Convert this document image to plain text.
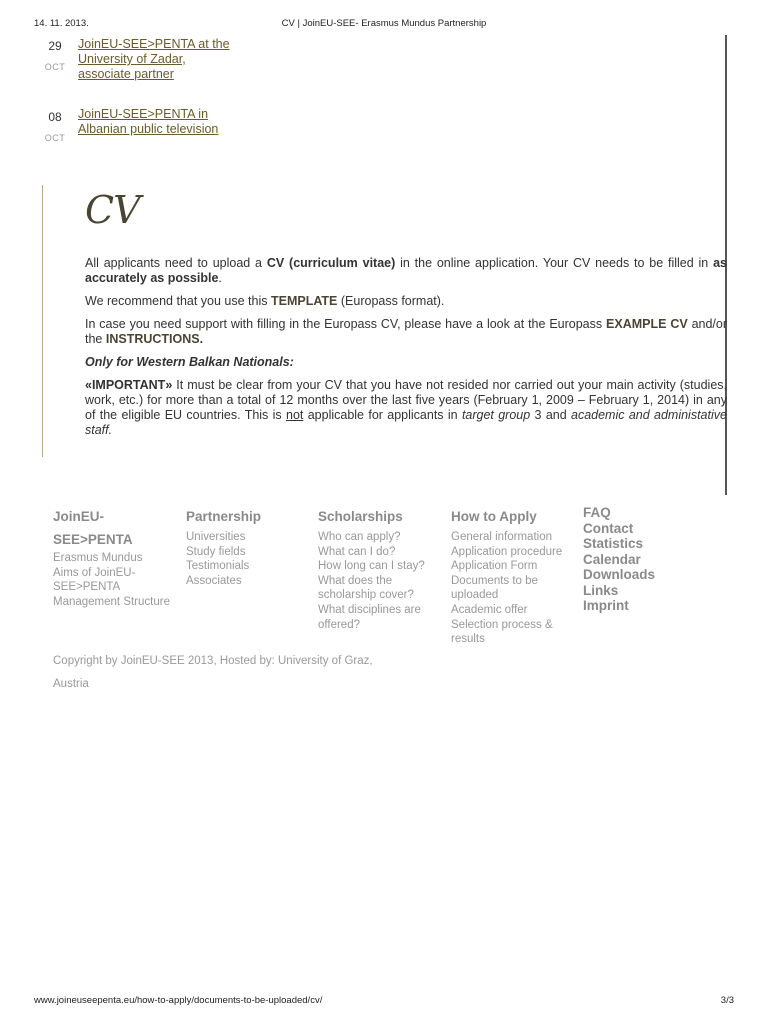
14. 11. 2013.	CV | JoinEU-SEE- Erasmus Mundus Partnership
29
OCT
JoinEU-SEE>PENTA at the University of Zadar, associate partner
08
OCT
JoinEU-SEE>PENTA in Albanian public television
CV

All applicants need to upload a CV (curriculum vitae) in the online application. Your CV needs to be filled in as accurately as possible.

We recommend that you use this TEMPLATE (Europass format).

In case you need support with filling in the Europass CV, please have a look at the Europass EXAMPLE CV and/or the INSTRUCTIONS.

Only for Western Balkan Nationals:

«IMPORTANT» It must be clear from your CV that you have not resided nor carried out your main activity (studies, work, etc.) for more than a total of 12 months over the last five years (February 1, 2009 – February 1, 2014) in any of the eligible EU countries. This is not applicable for applicants in target group 3 and academic and administative staff.

JoinEU-SEE>PENTA
Erasmus Mundus
Aims of JoinEU-SEE>PENTA
Management Structure
Partnership
Universities
Study fields
Testimonials
Associates
Scholarships
Who can apply?
What can I do?
How long can I stay?
What does the scholarship cover?
What disciplines are offered?
How to Apply
General information
Application procedure
Application Form
Documents to be uploaded
Academic offer
Selection process & results
FAQ
Contact
Statistics
Calendar
Downloads
Links
Imprint
Copyright by JoinEU-SEE 2013, Hosted by: University of Graz, Austria
www.joineuseepenta.eu/how-to-apply/documents-to-be-uploaded/cv/	3/3
